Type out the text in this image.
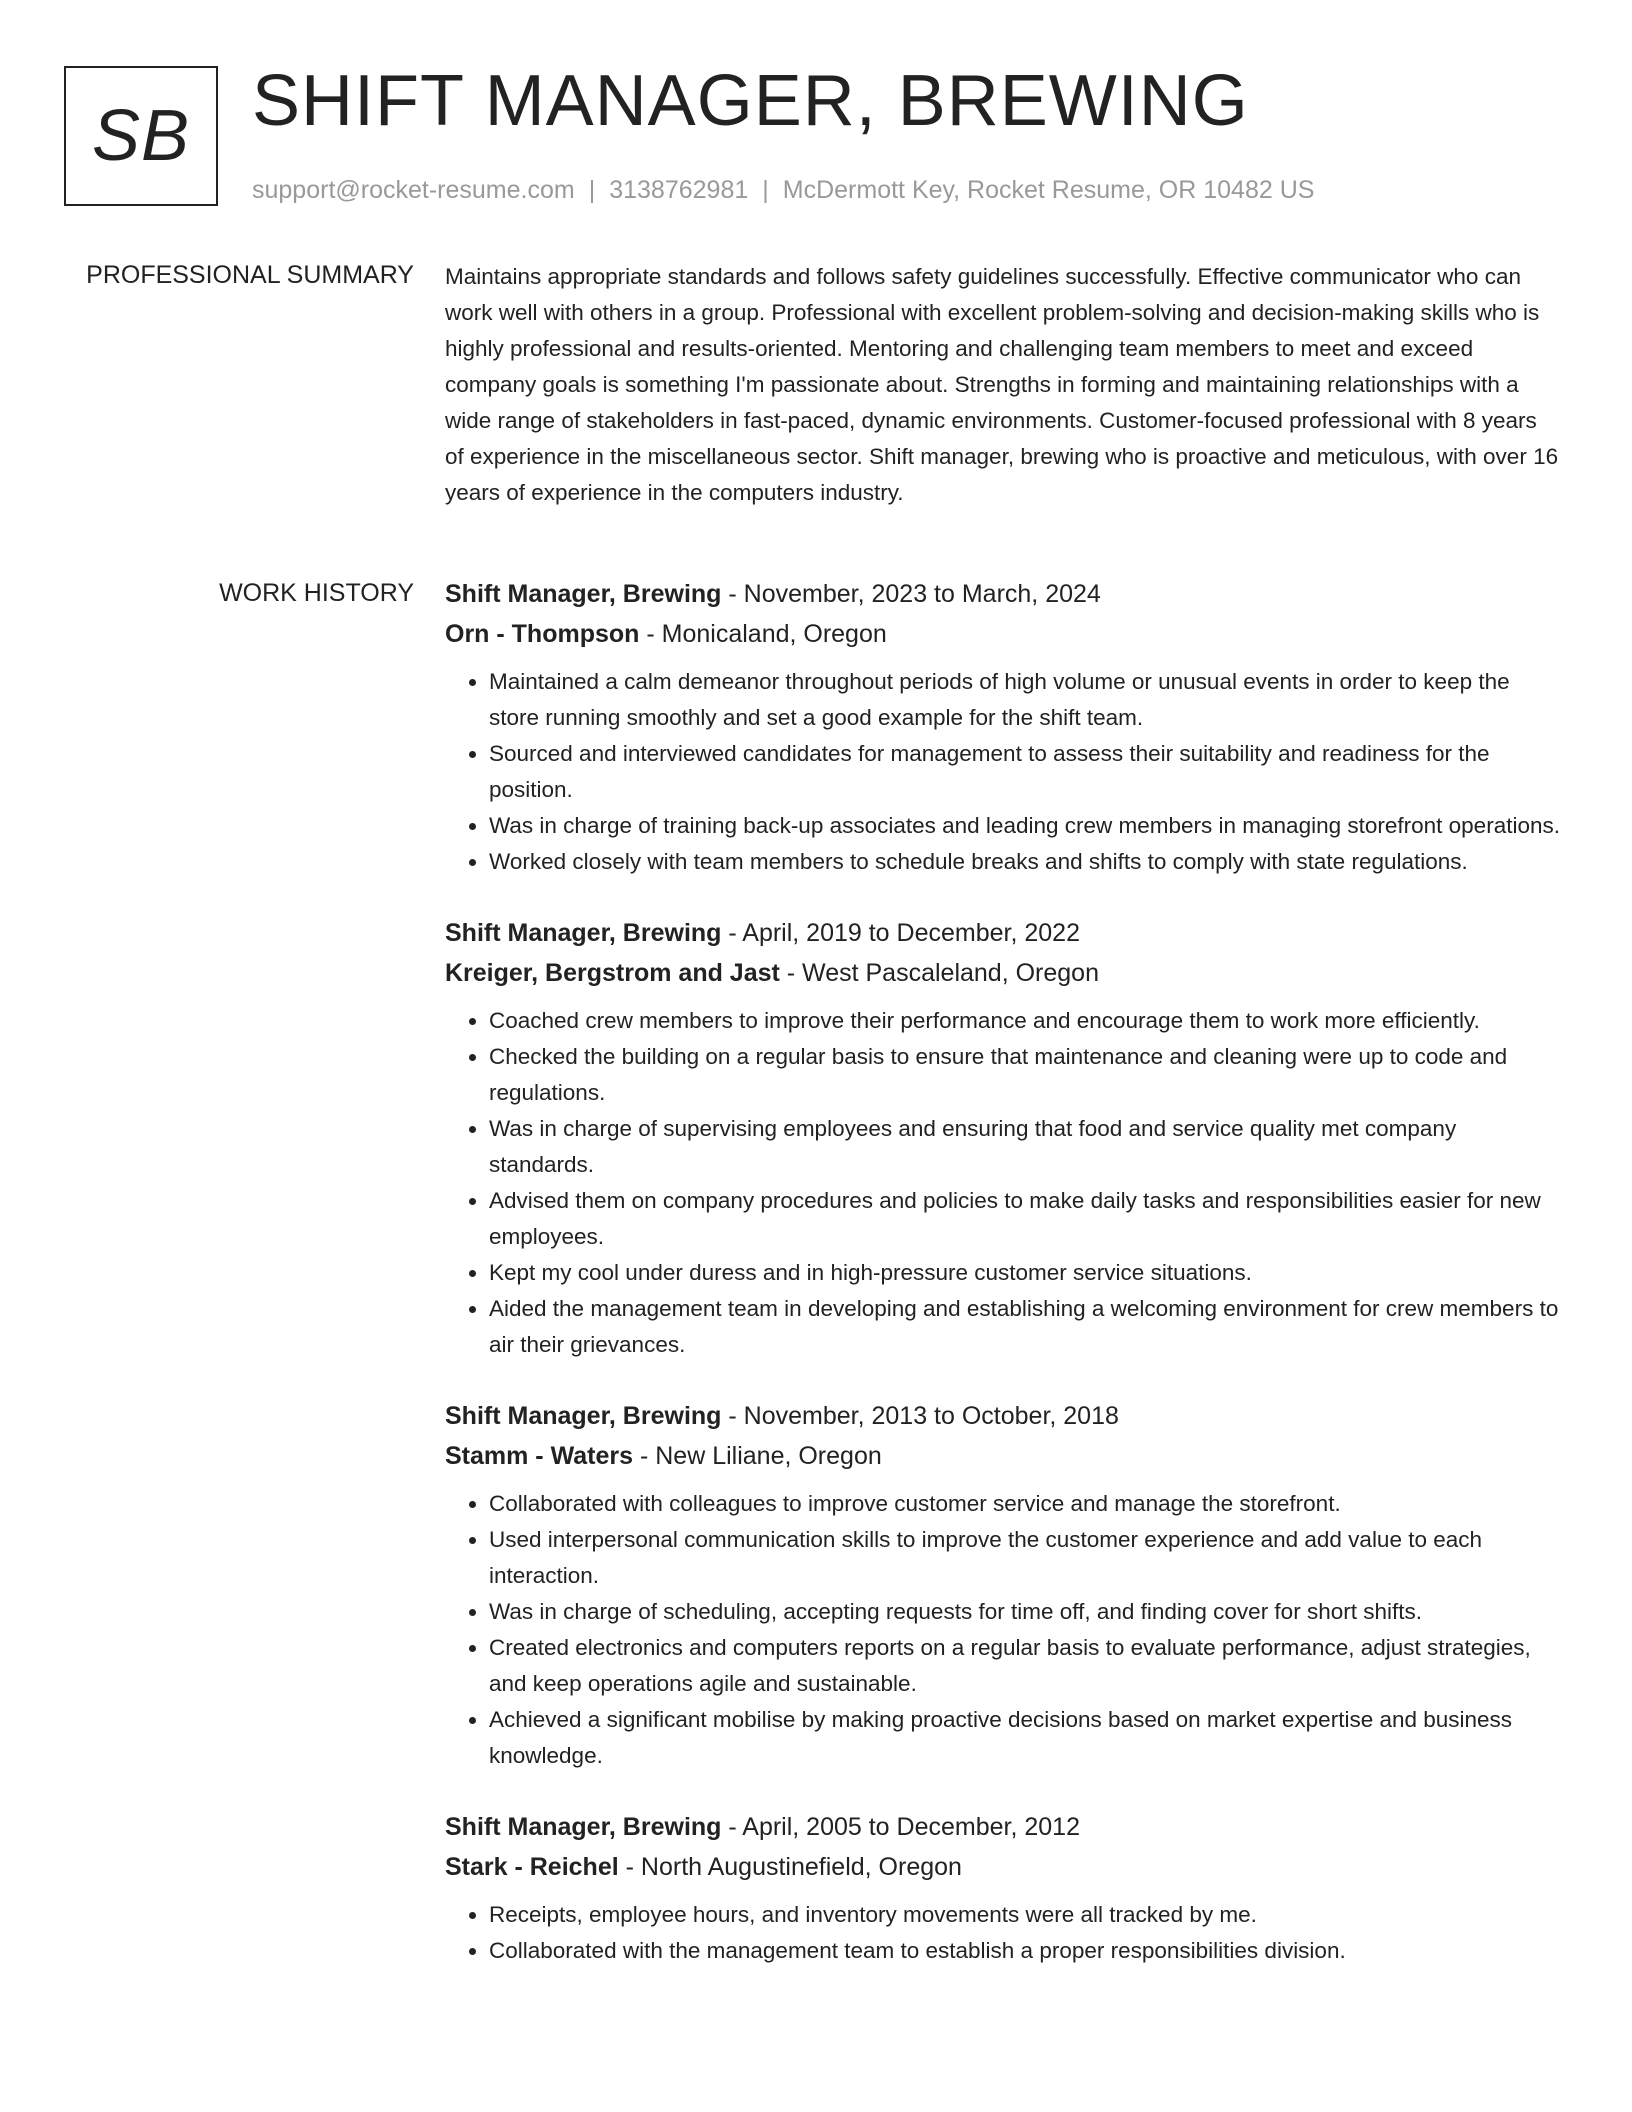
SB SHIFT MANAGER, BREWING
support@rocket-resume.com | 3138762981 | McDermott Key, Rocket Resume, OR 10482 US
PROFESSIONAL SUMMARY Maintains appropriate standards and follows safety guidelines successfully. Effective communicator who can work well with others in a group. Professional with excellent problem-solving and decision-making skills who is highly professional and results-oriented. Mentoring and challenging team members to meet and exceed company goals is something I'm passionate about. Strengths in forming and maintaining relationships with a wide range of stakeholders in fast-paced, dynamic environments. Customer-focused professional with 8 years of experience in the miscellaneous sector. Shift manager, brewing who is proactive and meticulous, with over 16 years of experience in the computers industry.

WORK HISTORY Shift Manager, Brewing - November, 2023 to March, 2024

Orn - Thompson - Monicaland, Oregon

• Maintained a calm demeanor throughout periods of high volume or unusual events in order to keep the store running smoothly and set a good example for the shift team.
• Sourced and interviewed candidates for management to assess their suitability and readiness for the position.
• Was in charge of training back-up associates and leading crew members in managing storefront operations.
• Worked closely with team members to schedule breaks and shifts to comply with state regulations.

Shift Manager, Brewing - April, 2019 to December, 2022

Kreiger, Bergstrom and Jast - West Pascaleland, Oregon

• Coached crew members to improve their performance and encourage them to work more efficiently.
• Checked the building on a regular basis to ensure that maintenance and cleaning were up to code and regulations.
• Was in charge of supervising employees and ensuring that food and service quality met company standards.
• Advised them on company procedures and policies to make daily tasks and responsibilities easier for new employees.
• Kept my cool under duress and in high-pressure customer service situations.
• Aided the management team in developing and establishing a welcoming environment for crew members to air their grievances.

Shift Manager, Brewing - November, 2013 to October, 2018

Stamm - Waters - New Liliane, Oregon

• Collaborated with colleagues to improve customer service and manage the storefront.
• Used interpersonal communication skills to improve the customer experience and add value to each interaction.
• Was in charge of scheduling, accepting requests for time off, and finding cover for short shifts.
• Created electronics and computers reports on a regular basis to evaluate performance, adjust strategies, and keep operations agile and sustainable.
• Achieved a significant mobilise by making proactive decisions based on market expertise and business knowledge.

Shift Manager, Brewing - April, 2005 to December, 2012

Stark - Reichel - North Augustinefield, Oregon

• Receipts, employee hours, and inventory movements were all tracked by me.
• Collaborated with the management team to establish a proper responsibilities division.
